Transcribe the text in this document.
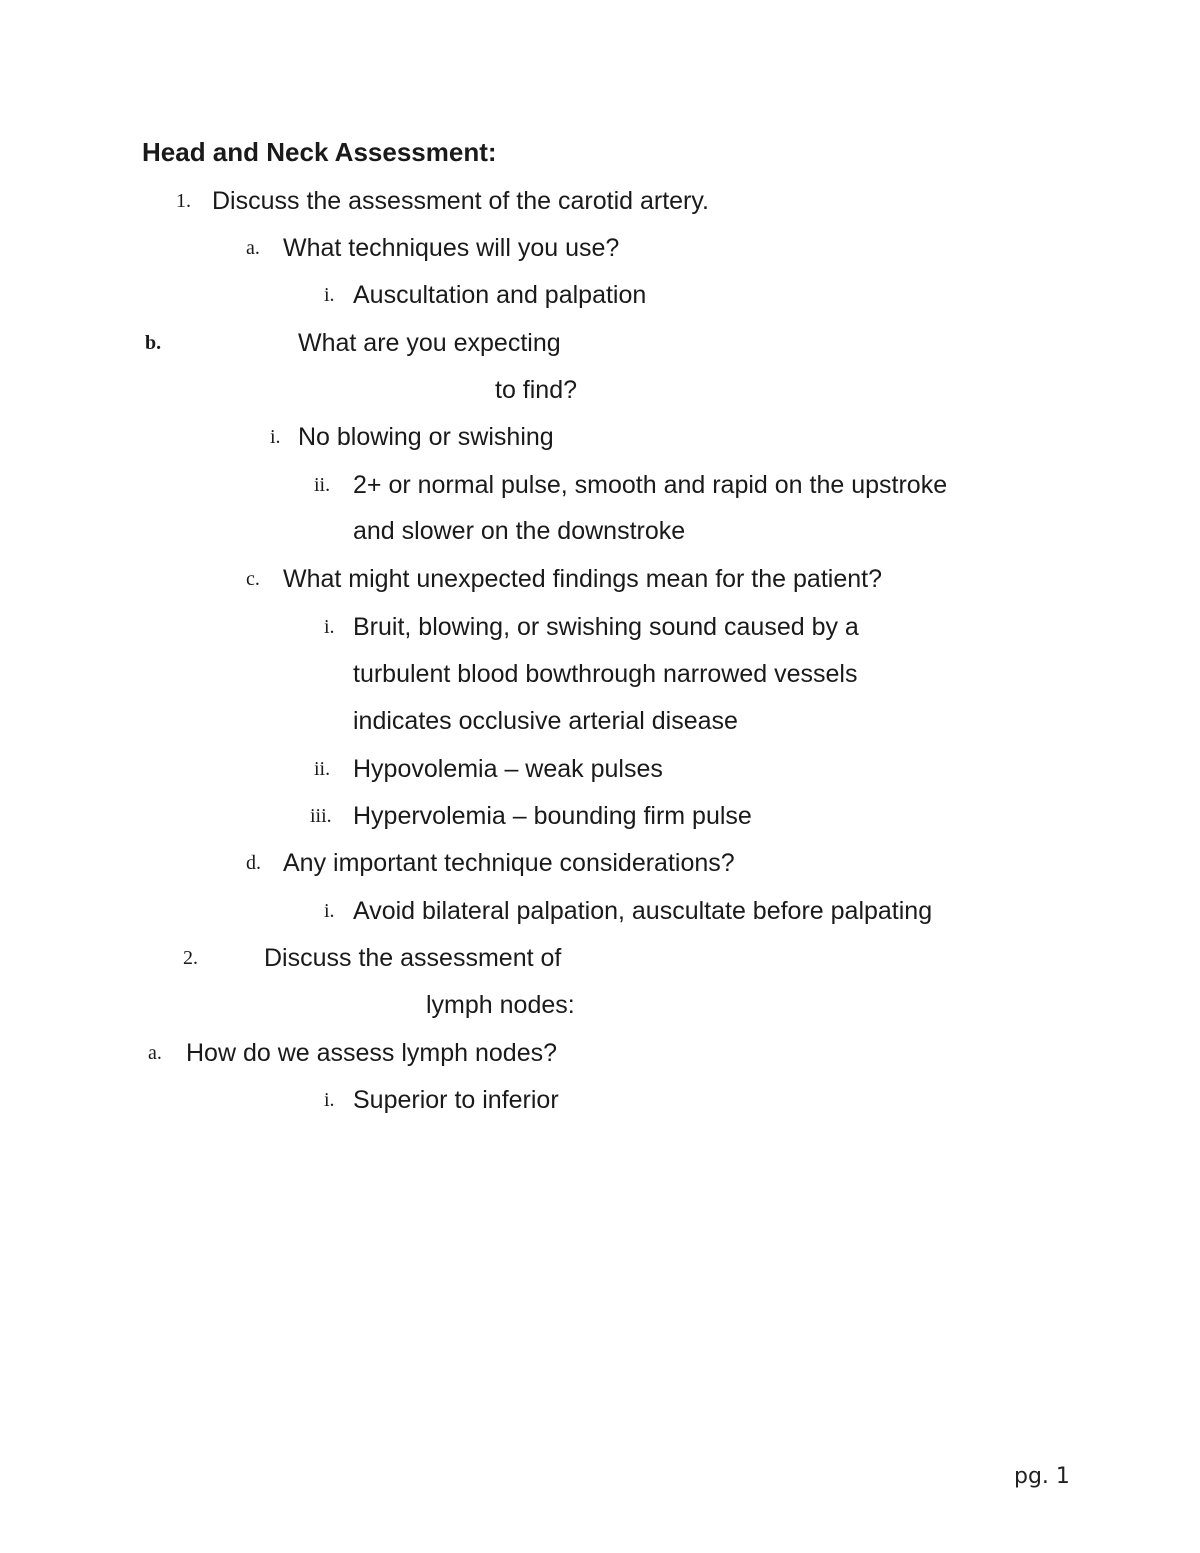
Head and Neck Assessment:
1. Discuss the assessment of the carotid artery.
a. What techniques will you use?
i. Auscultation and palpation
b.	What are you expecting
to find?
i. No blowing or swishing
ii. 2+ or normal pulse, smooth and rapid on the upstroke
and slower on the downstroke
c. What might unexpected findings mean for the patient?
i. Bruit, blowing, or swishing sound caused by a
turbulent blood bowthrough narrowed vessels
indicates occlusive arterial disease
ii. Hypovolemia – weak pulses
iii. Hypervolemia – bounding firm pulse
d. Any important technique considerations?
i. Avoid bilateral palpation, auscultate before palpating
2.	Discuss the assessment of
lymph nodes:
a. How do we assess lymph nodes?
i. Superior to inferior
pg. 1
